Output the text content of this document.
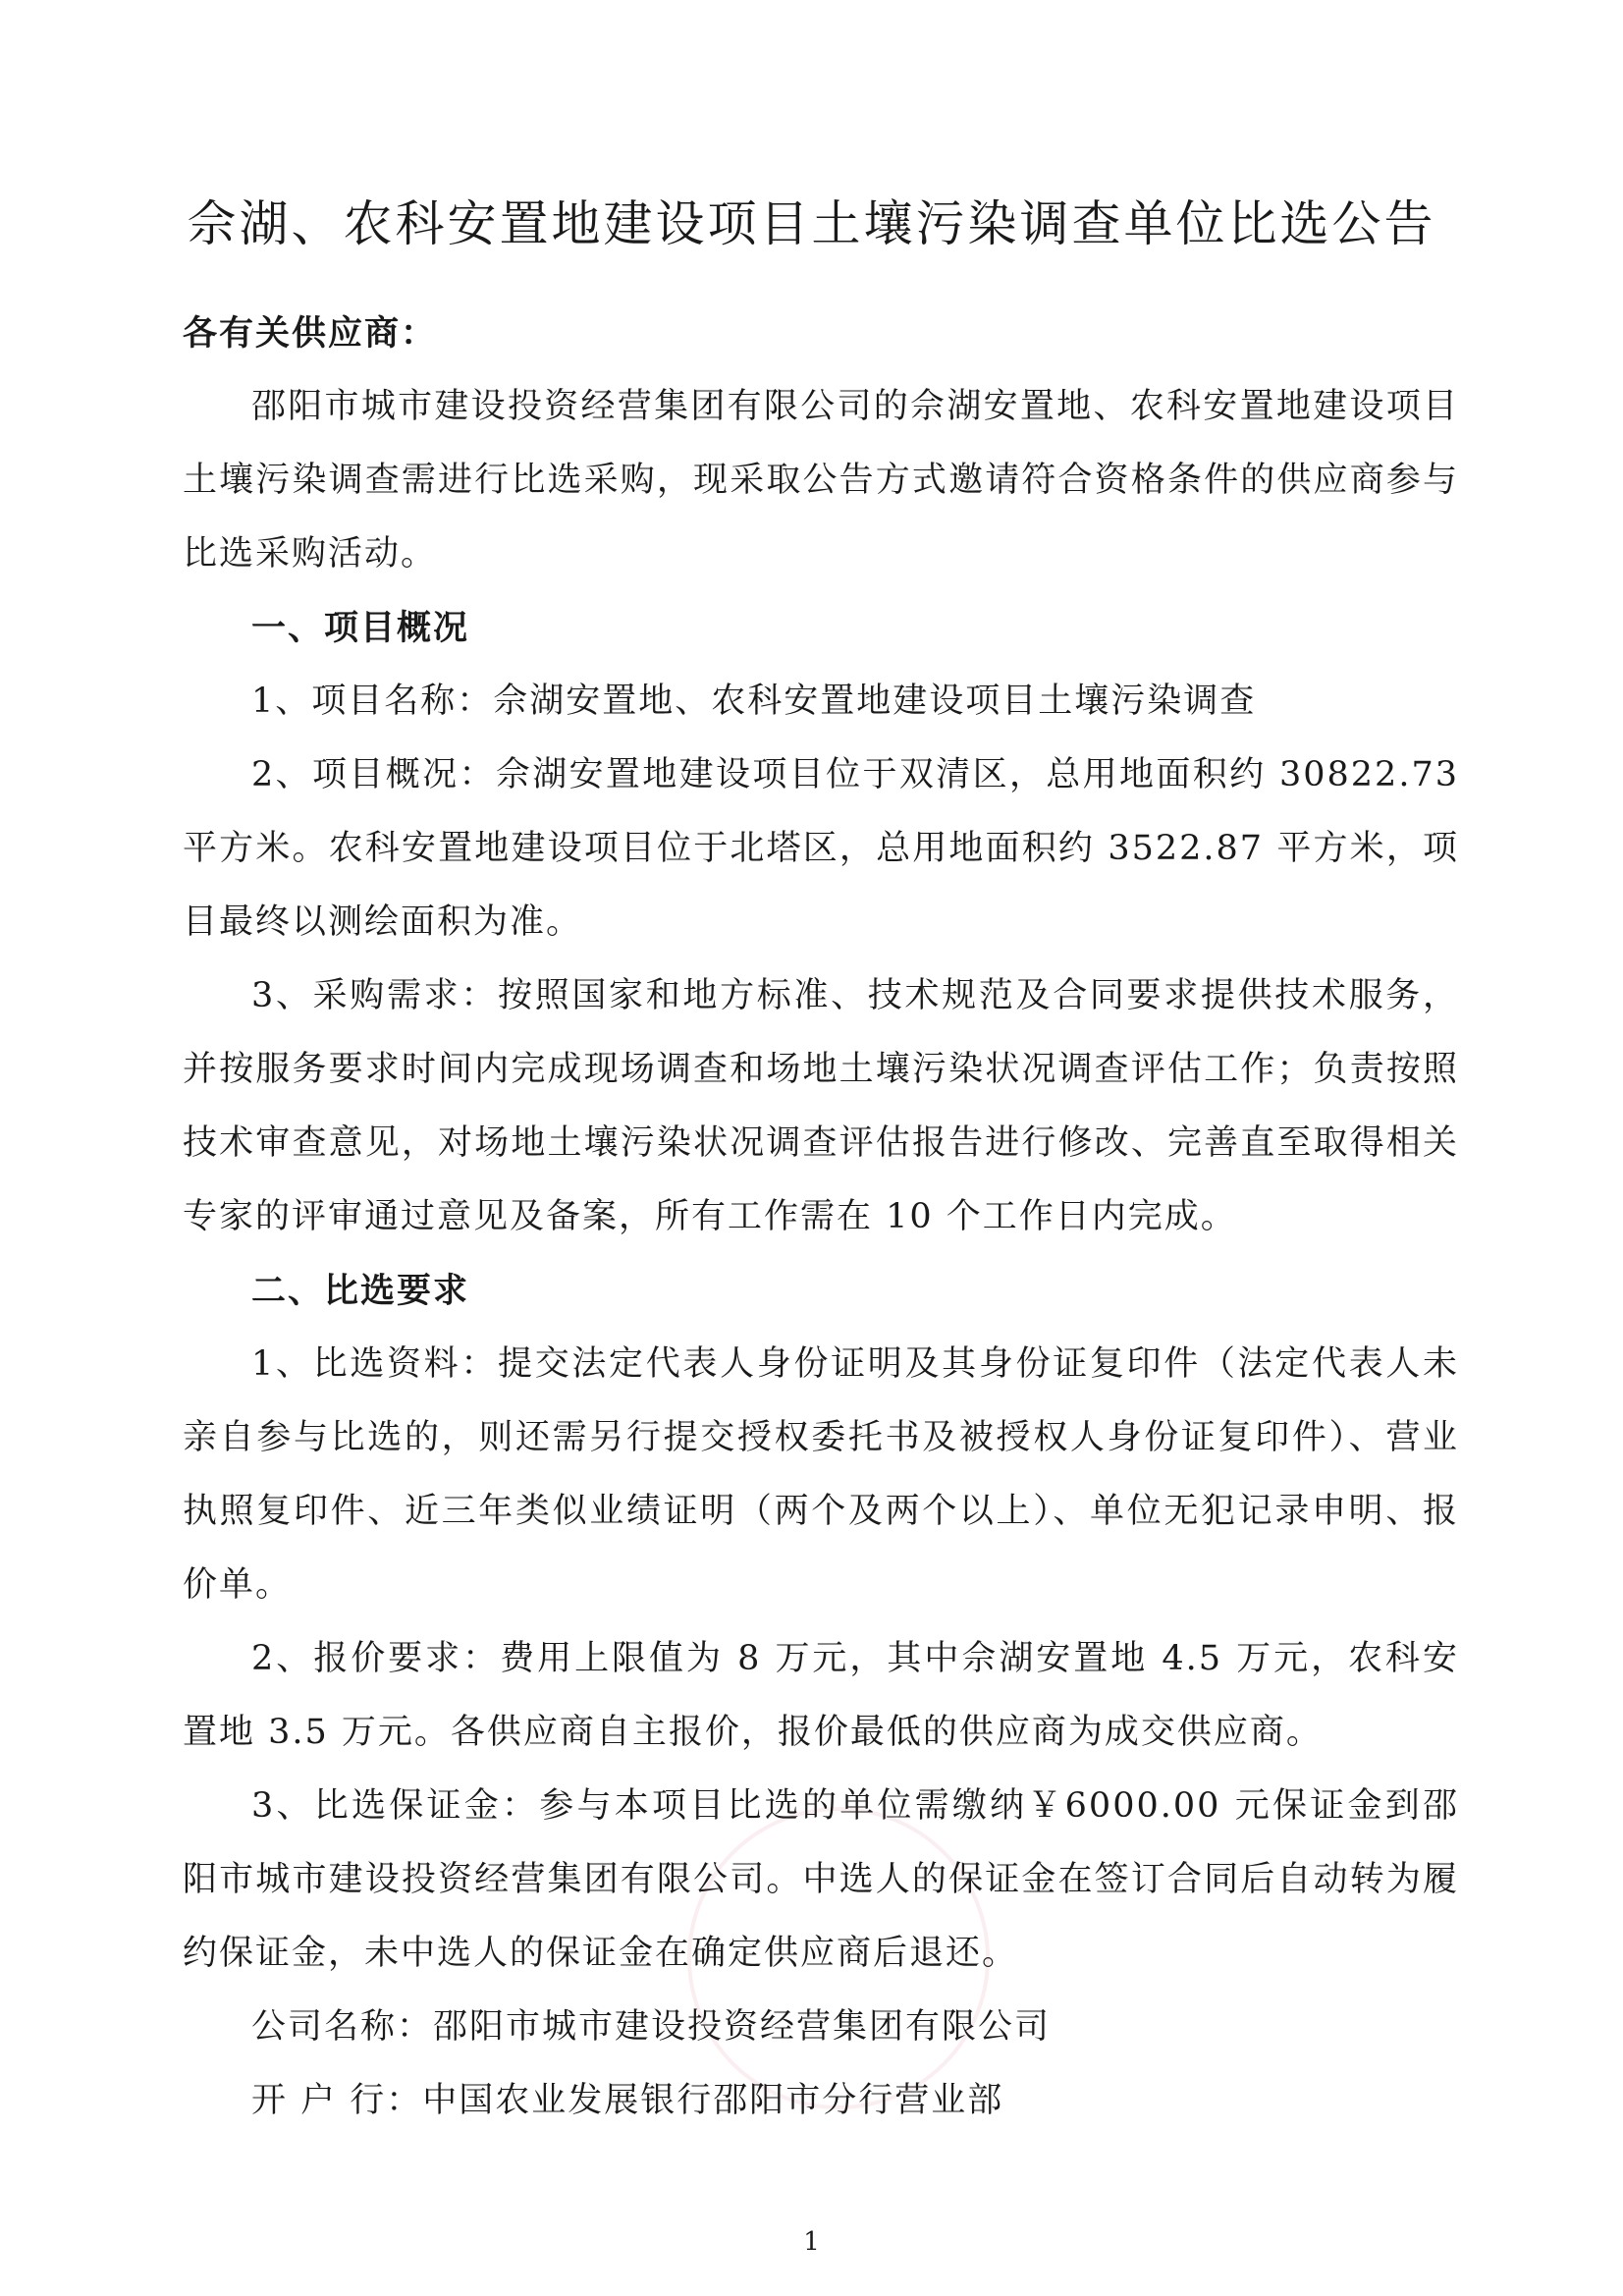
佘湖、农科安置地建设项目土壤污染调查单位比选公告

各有关供应商：

邵阳市城市建设投资经营集团有限公司的佘湖安置地、农科安置地建设项目土壤污染调查需进行比选采购，现采取公告方式邀请符合资格条件的供应商参与比选采购活动。

一、项目概况

1、项目名称：佘湖安置地、农科安置地建设项目土壤污染调查

2、项目概况：佘湖安置地建设项目位于双清区，总用地面积约 30822.73 平方米。农科安置地建设项目位于北塔区，总用地面积约 3522.87 平方米，项目最终以测绘面积为准。

3、采购需求：按照国家和地方标准、技术规范及合同要求提供技术服务，并按服务要求时间内完成现场调查和场地土壤污染状况调查评估工作；负责按照技术审查意见，对场地土壤污染状况调查评估报告进行修改、完善直至取得相关专家的评审通过意见及备案，所有工作需在 10 个工作日内完成。

二、比选要求

1、比选资料：提交法定代表人身份证明及其身份证复印件（法定代表人未亲自参与比选的，则还需另行提交授权委托书及被授权人身份证复印件）、营业执照复印件、近三年类似业绩证明（两个及两个以上）、单位无犯记录申明、报价单。

2、报价要求：费用上限值为 8 万元，其中佘湖安置地 4.5 万元，农科安置地 3.5 万元。各供应商自主报价，报价最低的供应商为成交供应商。

3、比选保证金：参与本项目比选的单位需缴纳￥6000.00 元保证金到邵阳市城市建设投资经营集团有限公司。中选人的保证金在签订合同后自动转为履约保证金，未中选人的保证金在确定供应商后退还。

公司名称：邵阳市城市建设投资经营集团有限公司

开 户 行：中国农业发展银行邵阳市分行营业部

1
